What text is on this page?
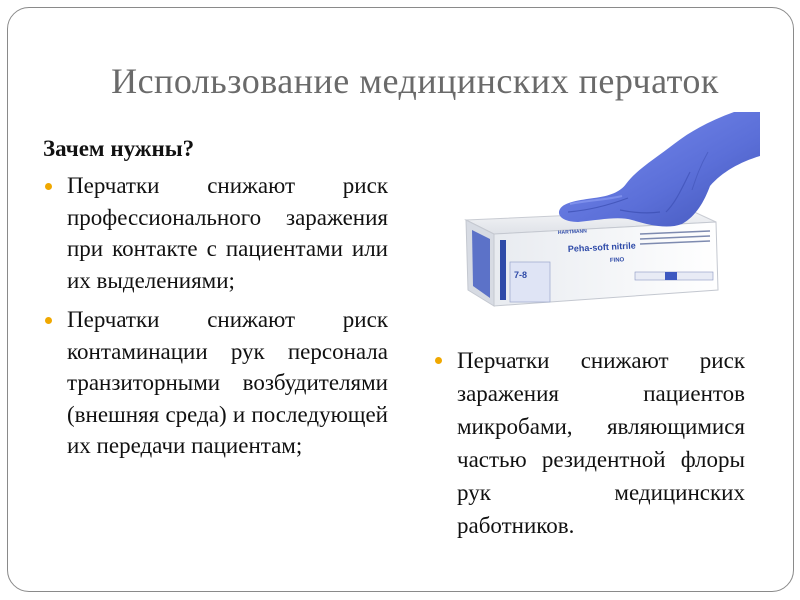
Использование медицинских перчаток
Зачем нужны?
Перчатки снижают риск профессионального заражения при контакте с пациентами или их выделениями;
Перчатки снижают риск контаминации рук персонала транзиторными возбудителями (внешняя среда) и последующей их передачи пациентам;
7-8
HARTMANN
Peha-soft nitrile
FINO
Перчатки снижают риск заражения пациентов микробами, являющимися частью резидентной флоры рук медицинских работников.
